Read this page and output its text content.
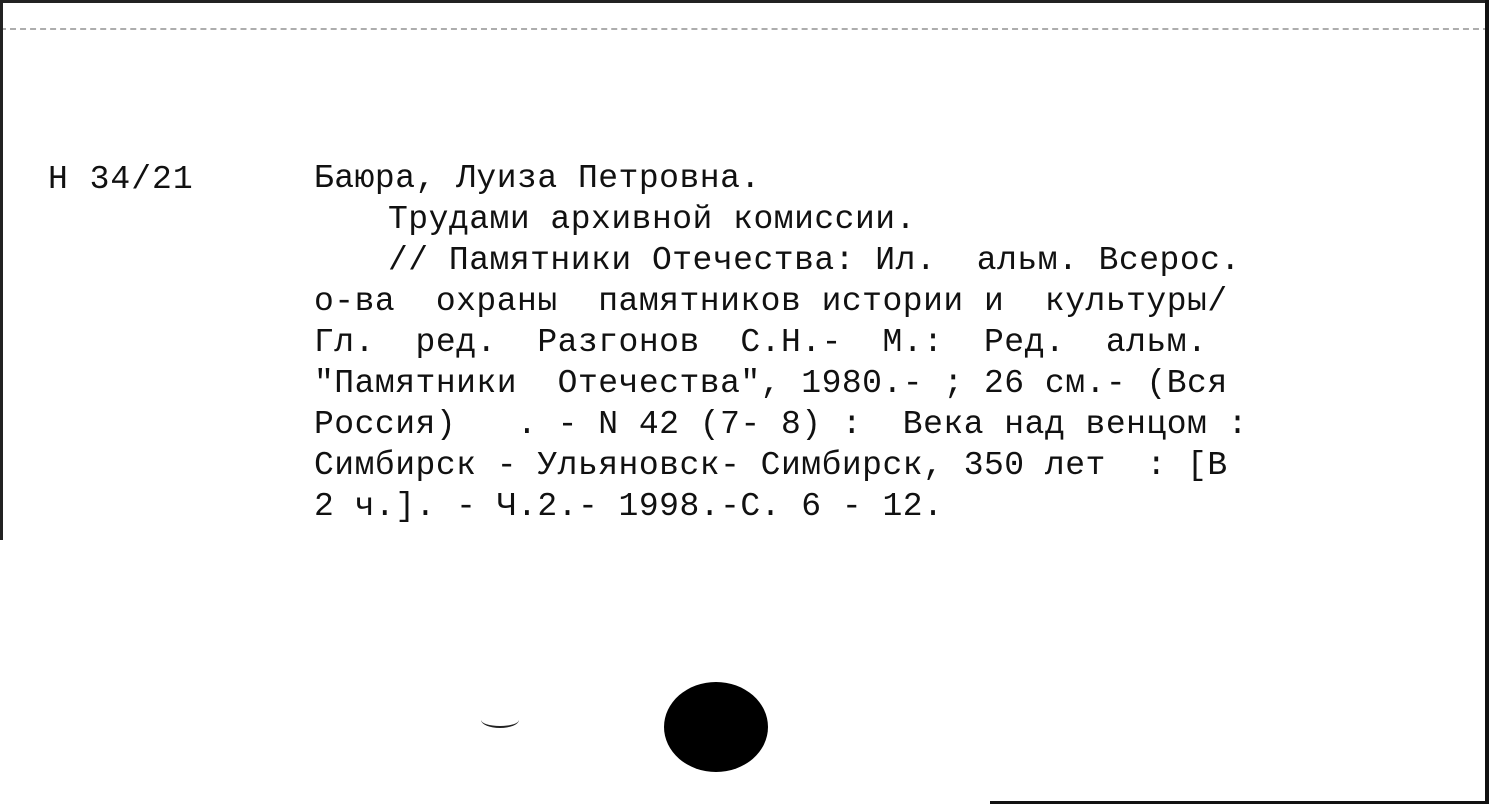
Н 34/21	Баюра, Луиза Петровна.
Трудами архивной комиссии.
// Памятники Отечества: Ил.  альм. Всерос.
о-ва  охраны  памятников истории и  культуры/
Гл.  ред.  Разгонов  С.Н.-  М.:  Ред.  альм.
"Памятники  Отечества", 1980.- ; 26 см.- (Вся
Россия)   . - N 42 (7- 8) :  Века над венцом :
Симбирск - Ульяновск- Симбирск, 350 лет  : [В
2 ч.]. - Ч.2.- 1998.-С. 6 - 12.
